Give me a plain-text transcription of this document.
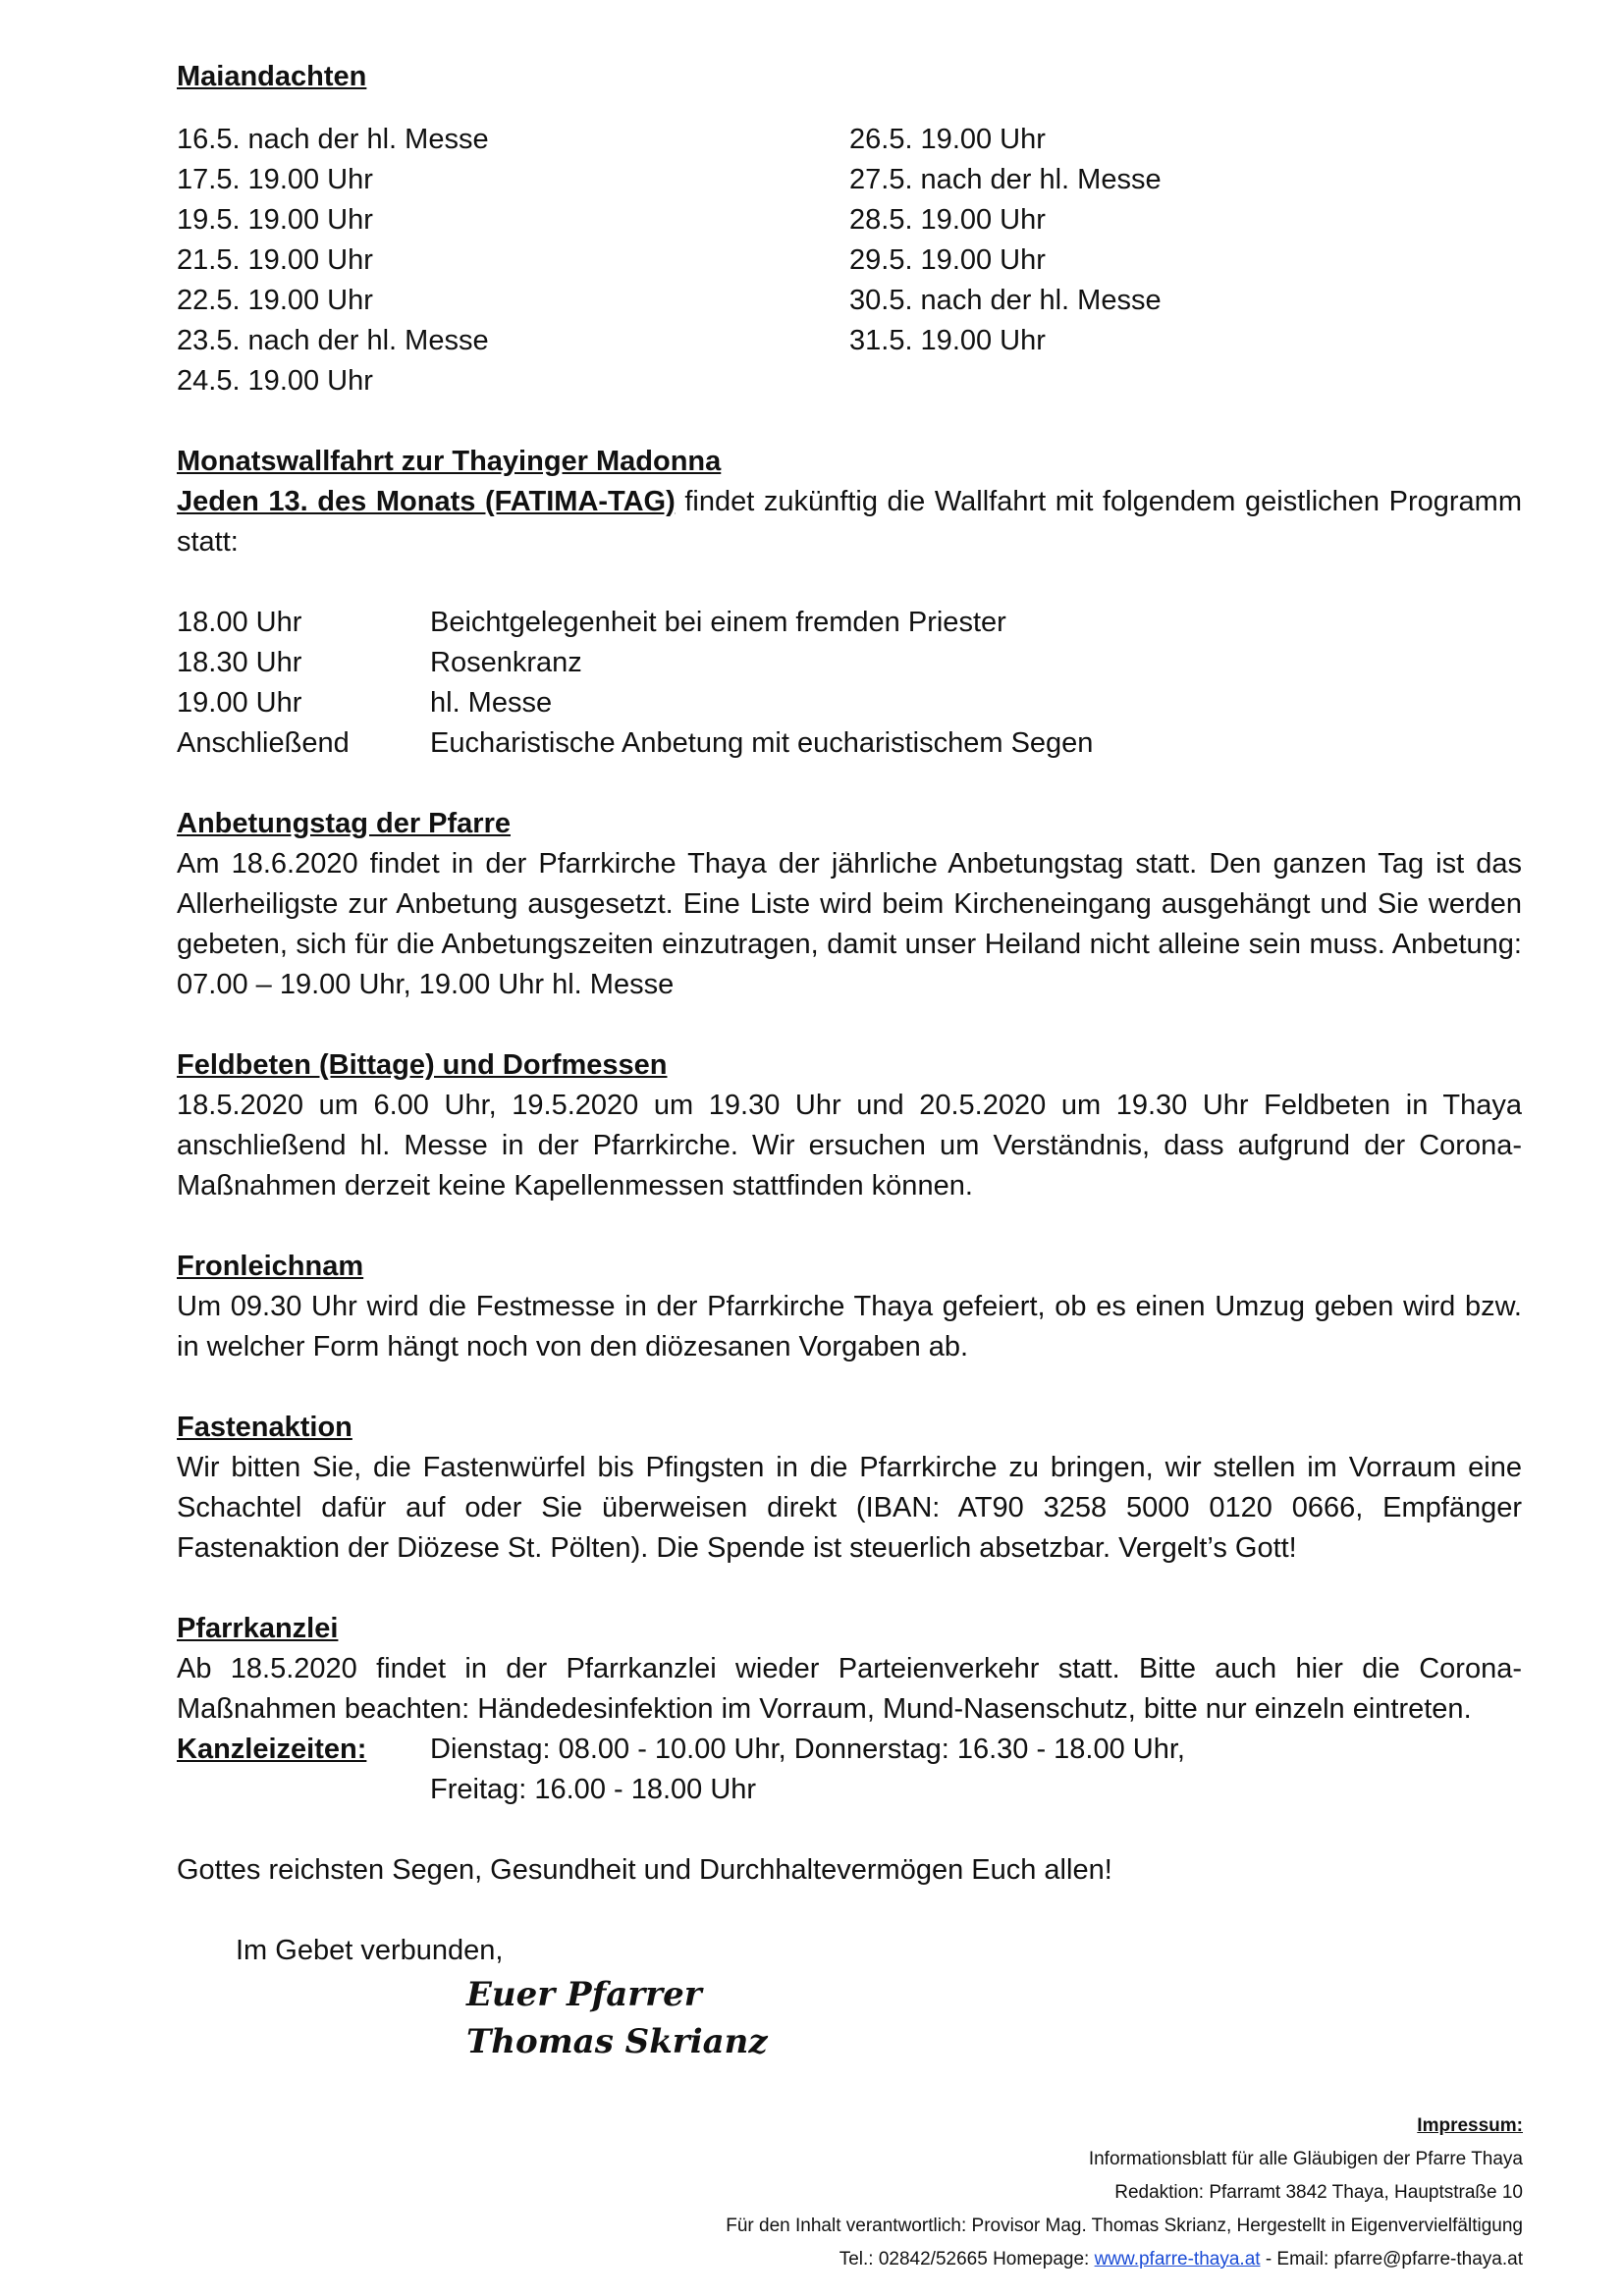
Maiandachten
16.5. nach der hl. Messe
17.5. 19.00 Uhr
19.5. 19.00 Uhr
21.5. 19.00 Uhr
22.5. 19.00 Uhr
23.5. nach der hl. Messe
24.5. 19.00 Uhr
26.5. 19.00 Uhr
27.5. nach der hl. Messe
28.5. 19.00 Uhr
29.5. 19.00 Uhr
30.5. nach der hl. Messe
31.5. 19.00 Uhr
Monatswallfahrt zur Thayinger Madonna
Jeden 13. des Monats (FATIMA-TAG) findet zukünftig die Wallfahrt mit folgendem geistlichen Programm statt:
18.00 Uhr	Beichtgelegenheit bei einem fremden Priester
18.30 Uhr	Rosenkranz
19.00 Uhr	hl. Messe
Anschließend	Eucharistische Anbetung mit eucharistischem Segen
Anbetungstag der Pfarre
Am 18.6.2020 findet in der Pfarrkirche Thaya der jährliche Anbetungstag statt. Den ganzen Tag ist das Allerheiligste zur Anbetung ausgesetzt. Eine Liste wird beim Kircheneingang ausgehängt und Sie werden gebeten, sich für die Anbetungszeiten einzutragen, damit unser Heiland nicht alleine sein muss. Anbetung: 07.00 – 19.00 Uhr, 19.00 Uhr hl. Messe
Feldbeten (Bittage) und Dorfmessen
18.5.2020 um 6.00 Uhr, 19.5.2020 um 19.30 Uhr und 20.5.2020 um 19.30 Uhr Feldbeten in Thaya anschließend hl. Messe in der Pfarrkirche. Wir ersuchen um Verständnis, dass aufgrund der Corona-Maßnahmen derzeit keine Kapellenmessen stattfinden können.
Fronleichnam
Um 09.30 Uhr wird die Festmesse in der Pfarrkirche Thaya gefeiert, ob es einen Umzug geben wird bzw. in welcher Form hängt noch von den diözesanen Vorgaben ab.
Fastenaktion
Wir bitten Sie, die Fastenwürfel bis Pfingsten in die Pfarrkirche zu bringen, wir stellen im Vorraum eine Schachtel dafür auf oder Sie überweisen direkt (IBAN: AT90 3258 5000 0120 0666, Empfänger Fastenaktion der Diözese St. Pölten). Die Spende ist steuerlich absetzbar. Vergelt’s Gott!
Pfarrkanzlei
Ab 18.5.2020 findet in der Pfarrkanzlei wieder Parteienverkehr statt. Bitte auch hier die Corona-Maßnahmen beachten: Händedesinfektion im Vorraum, Mund-Nasenschutz, bitte nur einzeln eintreten.
Kanzleizeiten:	Dienstag: 08.00 - 10.00 Uhr, Donnerstag: 16.30 - 18.00 Uhr,
Freitag: 16.00 - 18.00 Uhr
Gottes reichsten Segen, Gesundheit und Durchhaltevermögen Euch allen!
Im Gebet verbunden,
Euer Pfarrer
Thomas Skrianz
Impressum:
Informationsblatt für alle Gläubigen der Pfarre Thaya
Redaktion: Pfarramt 3842 Thaya, Hauptstraße 10
Für den Inhalt verantwortlich: Provisor Mag. Thomas Skrianz, Hergestellt in Eigenvervielfältigung
Tel.: 02842/52665 Homepage: www.pfarre-thaya.at - Email: pfarre@pfarre-thaya.at
